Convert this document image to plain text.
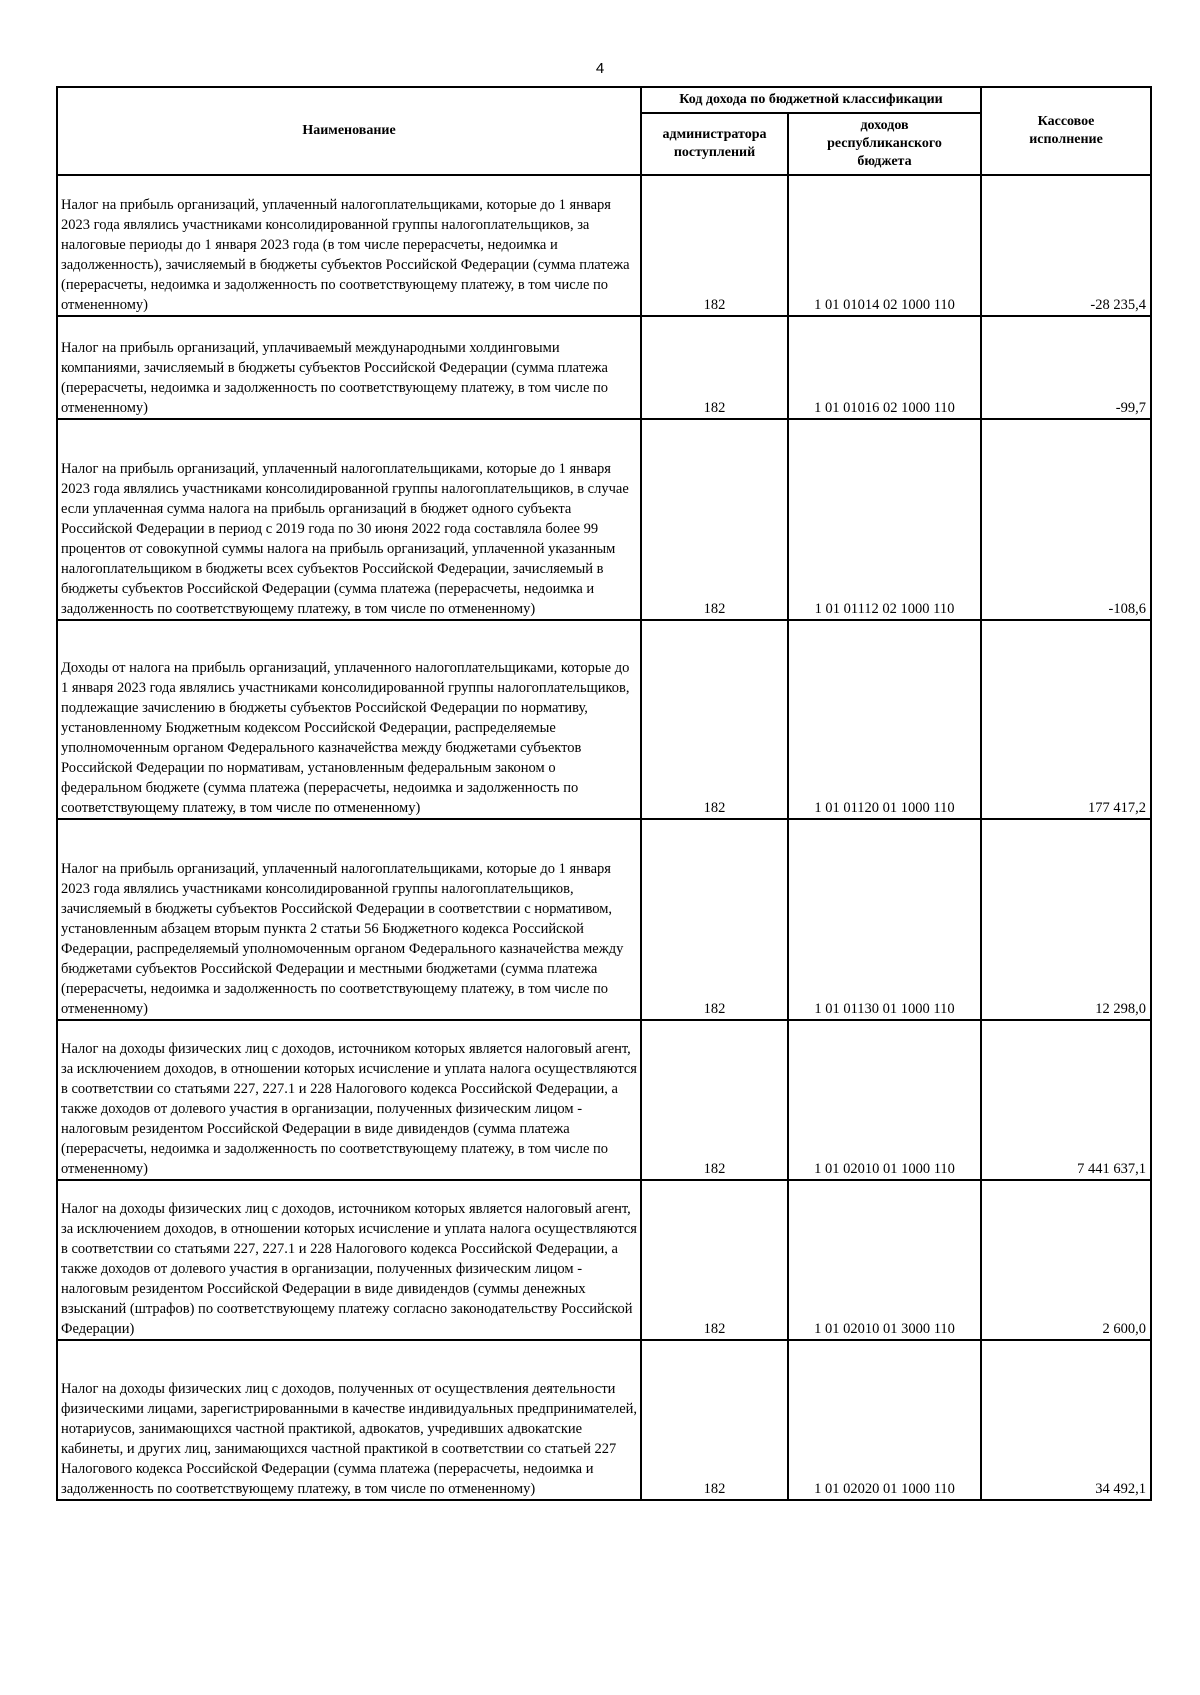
4
Наименование	Код дохода по бюджетной классификации		Кассовое исполнение
	администратора поступлений	доходов республиканского бюджета	
Налог на прибыль организаций, уплаченный налогоплательщиками, которые до 1 января 2023 года являлись участниками консолидированной группы налогоплательщиков, за налоговые периоды до 1 января 2023 года (в том числе перерасчеты, недоимка и задолженность), зачисляемый в бюджеты субъектов Российской Федерации (сумма платежа (перерасчеты, недоимка и задолженность по соответствующему платежу, в том числе по отмененному)	182	1 01 01014 02 1000 110	-28 235,4
Налог на прибыль организаций, уплачиваемый международными холдинговыми компаниями, зачисляемый в бюджеты субъектов Российской Федерации (сумма платежа (перерасчеты, недоимка и задолженность по соответствующему платежу, в том числе по отмененному)	182	1 01 01016 02 1000 110	-99,7
Налог на прибыль организаций, уплаченный налогоплательщиками, которые до 1 января 2023 года являлись участниками консолидированной группы налогоплательщиков, в случае если уплаченная сумма налога на прибыль организаций в бюджет одного субъекта Российской Федерации в период с 2019 года по 30 июня 2022 года составляла более 99 процентов от совокупной суммы налога на прибыль организаций, уплаченной указанным налогоплательщиком в бюджеты всех субъектов Российской Федерации, зачисляемый в бюджеты субъектов Российской Федерации (сумма платежа (перерасчеты, недоимка и задолженность по соответствующему платежу, в том числе по отмененному)	182	1 01 01112 02 1000 110	-108,6
Доходы от налога на прибыль организаций, уплаченного налогоплательщиками, которые до 1 января 2023 года являлись участниками консолидированной группы налогоплательщиков, подлежащие зачислению в бюджеты субъектов Российской Федерации по нормативу, установленному Бюджетным кодексом Российской Федерации, распределяемые уполномоченным органом Федерального казначейства между бюджетами субъектов Российской Федерации по нормативам, установленным федеральным законом о федеральном бюджете (сумма платежа (перерасчеты, недоимка и задолженность по соответствующему платежу, в том числе по отмененному)	182	1 01 01120 01 1000 110	177 417,2
Налог на прибыль организаций, уплаченный налогоплательщиками, которые до 1 января 2023 года являлись участниками консолидированной группы налогоплательщиков, зачисляемый в бюджеты субъектов Российской Федерации в соответствии с нормативом, установленным абзацем вторым пункта 2 статьи 56 Бюджетного кодекса Российской Федерации, распределяемый уполномоченным органом Федерального казначейства между бюджетами субъектов Российской Федерации и местными бюджетами (сумма платежа (перерасчеты, недоимка и задолженность по соответствующему платежу, в том числе по отмененному)	182	1 01 01130 01 1000 110	12 298,0
Налог на доходы физических лиц с доходов, источником которых является налоговый агент, за исключением доходов, в отношении которых исчисление и уплата налога осуществляются в соответствии со статьями 227, 227.1 и 228 Налогового кодекса Российской Федерации, а также доходов от долевого участия в организации, полученных физическим лицом - налоговым резидентом Российской Федерации в виде дивидендов (сумма платежа (перерасчеты, недоимка и задолженность по соответствующему платежу, в том числе по отмененному)	182	1 01 02010 01 1000 110	7 441 637,1
Налог на доходы физических лиц с доходов, источником которых является налоговый агент, за исключением доходов, в отношении которых исчисление и уплата налога осуществляются в соответствии со статьями 227, 227.1 и 228 Налогового кодекса Российской Федерации, а также доходов от долевого участия в организации, полученных физическим лицом - налоговым резидентом Российской Федерации в виде дивидендов (суммы денежных взысканий (штрафов) по соответствующему платежу согласно законодательству Российской Федерации)	182	1 01 02010 01 3000 110	2 600,0
Налог на доходы физических лиц с доходов, полученных от осуществления деятельности физическими лицами, зарегистрированными в качестве индивидуальных предпринимателей, нотариусов, занимающихся частной практикой, адвокатов, учредивших адвокатские кабинеты, и других лиц, занимающихся частной практикой в соответствии со статьей 227 Налогового кодекса Российской Федерации (сумма платежа (перерасчеты, недоимка и задолженность по соответствующему платежу, в том числе по отмененному)	182	1 01 02020 01 1000 110	34 492,1
